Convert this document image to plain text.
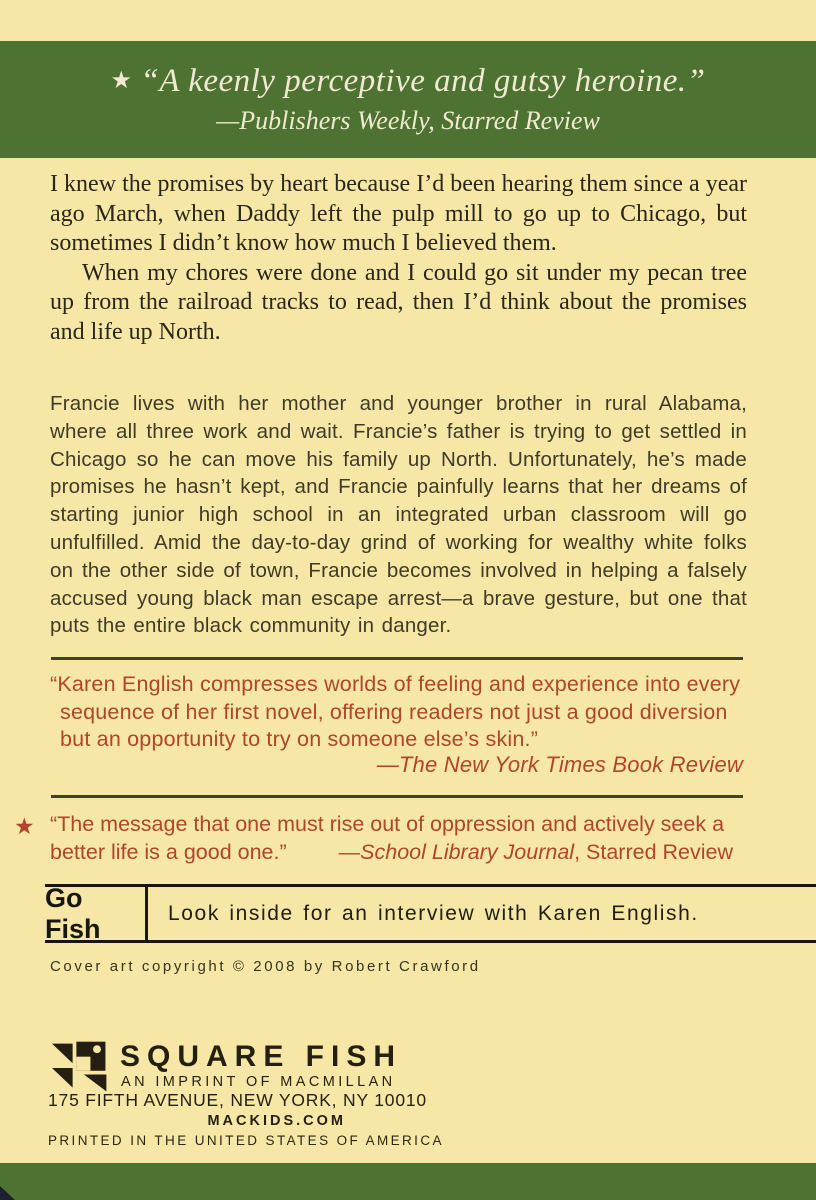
★ “A keenly perceptive and gutsy heroine.”
—Publishers Weekly, Starred Review

I knew the promises by heart because I’d been hearing them since a year ago March, when Daddy left the pulp mill to go up to Chicago, but sometimes I didn’t know how much I believed them.

When my chores were done and I could go sit under my pecan tree up from the railroad tracks to read, then I’d think about the promises and life up North.

Francie lives with her mother and younger brother in rural Alabama, where all three work and wait. Francie’s father is trying to get settled in Chicago so he can move his family up North. Unfortunately, he’s made promises he hasn’t kept, and Francie painfully learns that her dreams of starting junior high school in an integrated urban classroom will go unfulfilled. Amid the day-to-day grind of working for wealthy white folks on the other side of town, Francie becomes involved in helping a falsely accused young black man escape arrest—a brave gesture, but one that puts the entire black community in danger.

“Karen English compresses worlds of feeling and experience into every sequence of her first novel, offering readers not just a good diversion but an opportunity to try on someone else’s skin.”
—The New York Times Book Review
★ “The message that one must rise out of oppression and actively seek a better life is a good one.” —School Library Journal, Starred Review
Go Fish
Look inside for an interview with Karen English.
Cover art copyright © 2008 by Robert Crawford
SQUARE FISH
AN IMPRINT OF MACMILLAN
175 FIFTH AVENUE, NEW YORK, NY 10010
MACKIDS.COM
PRINTED IN THE UNITED STATES OF AMERICA
